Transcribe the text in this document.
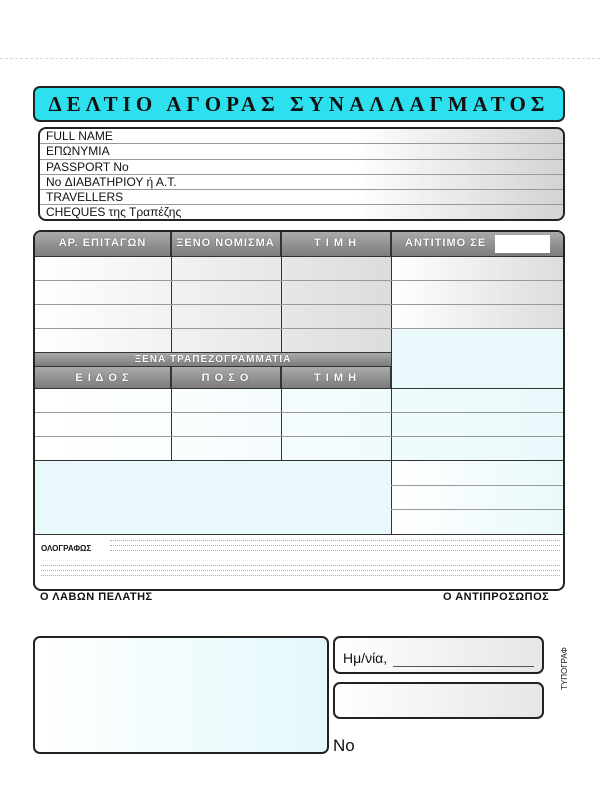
ΔΕΛΤΙΟ ΑΓΟΡΑΣ ΣΥΝΑΛΛΑΓΜΑΤΟΣ
FULL NAME
ΕΠΩΝΥΜΙΑ
PASSPORT No
No ΔΙΑΒΑΤΗΡΙΟΥ ή Α.Τ.
TRAVELLERS
CHEQUES της Τραπέζης
ΑΡ. ΕΠΙΤΑΓΩΝ	ΞΕΝΟ ΝΟΜΙΣΜΑ	Τ Ι Μ Η	ΑΝΤΙΤΙΜΟ ΣΕ
ΞΕΝΑ ΤΡΑΠΕΖΟΓΡΑΜΜΑΤΙΑ
Ε Ι Δ Ο Σ	Π Ο Σ Ο	Τ Ι Μ Η
ΟΛΟΓΡΑΦΩΣ
Ο ΛΑΒΩΝ ΠΕΛΑΤΗΣ	Ο ΑΝΤΙΠΡΟΣΩΠΟΣ
Ημ/νία,
No
ΤΥΠΟΓΡΑΦ
